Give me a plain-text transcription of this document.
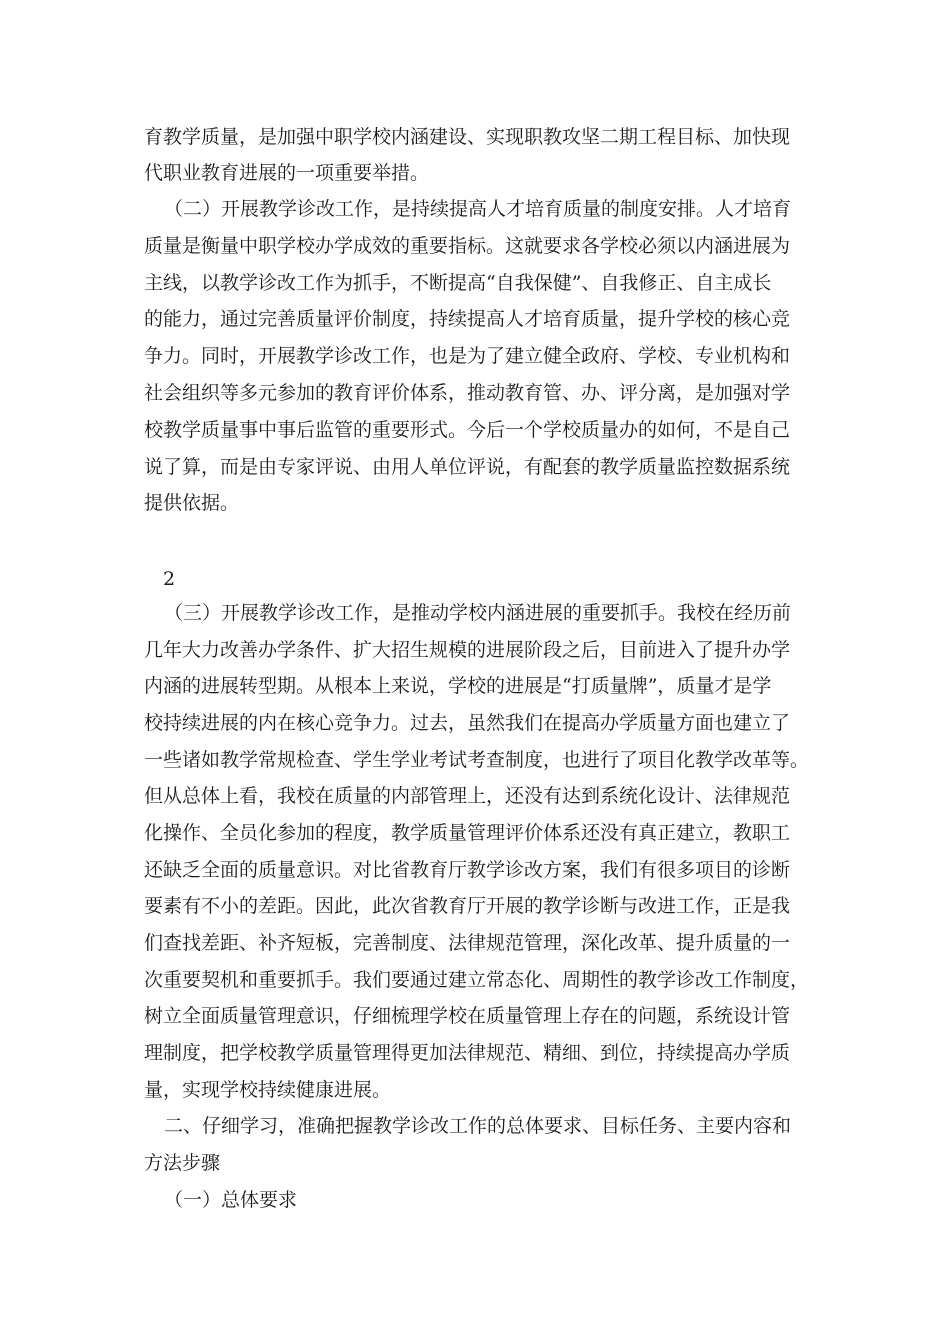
育教学质量，是加强中职学校内涵建设、实现职教攻坚二期工程目标、加快现

代职业教育进展的一项重要举措。

（二）开展教学诊改工作，是持续提高人才培育质量的制度安排。人才培育

质量是衡量中职学校办学成效的重要指标。这就要求各学校必须以内涵进展为

主线，以教学诊改工作为抓手，不断提高“自我保健”、自我修正、自主成长

的能力，通过完善质量评价制度，持续提高人才培育质量，提升学校的核心竞

争力。同时，开展教学诊改工作，也是为了建立健全政府、学校、专业机构和

社会组织等多元参加的教育评价体系，推动教育管、办、评分离，是加强对学

校教学质量事中事后监管的重要形式。今后一个学校质量办的如何，不是自己

说了算，而是由专家评说、由用人单位评说，有配套的教学质量监控数据系统

提供依据。

2

（三）开展教学诊改工作，是推动学校内涵进展的重要抓手。我校在经历前

几年大力改善办学条件、扩大招生规模的进展阶段之后，目前进入了提升办学

内涵的进展转型期。从根本上来说，学校的进展是“打质量牌”，质量才是学

校持续进展的内在核心竞争力。过去，虽然我们在提高办学质量方面也建立了

一些诸如教学常规检查、学生学业考试考查制度，也进行了项目化教学改革等。

但从总体上看，我校在质量的内部管理上，还没有达到系统化设计、法律规范

化操作、全员化参加的程度，教学质量管理评价体系还没有真正建立，教职工

还缺乏全面的质量意识。对比省教育厅教学诊改方案，我们有很多项目的诊断

要素有不小的差距。因此，此次省教育厅开展的教学诊断与改进工作，正是我

们查找差距、补齐短板，完善制度、法律规范管理，深化改革、提升质量的一

次重要契机和重要抓手。我们要通过建立常态化、周期性的教学诊改工作制度，

树立全面质量管理意识，仔细梳理学校在质量管理上存在的问题，系统设计管

理制度，把学校教学质量管理得更加法律规范、精细、到位，持续提高办学质

量，实现学校持续健康进展。

二、仔细学习，准确把握教学诊改工作的总体要求、目标任务、主要内容和

方法步骤

（一）总体要求
